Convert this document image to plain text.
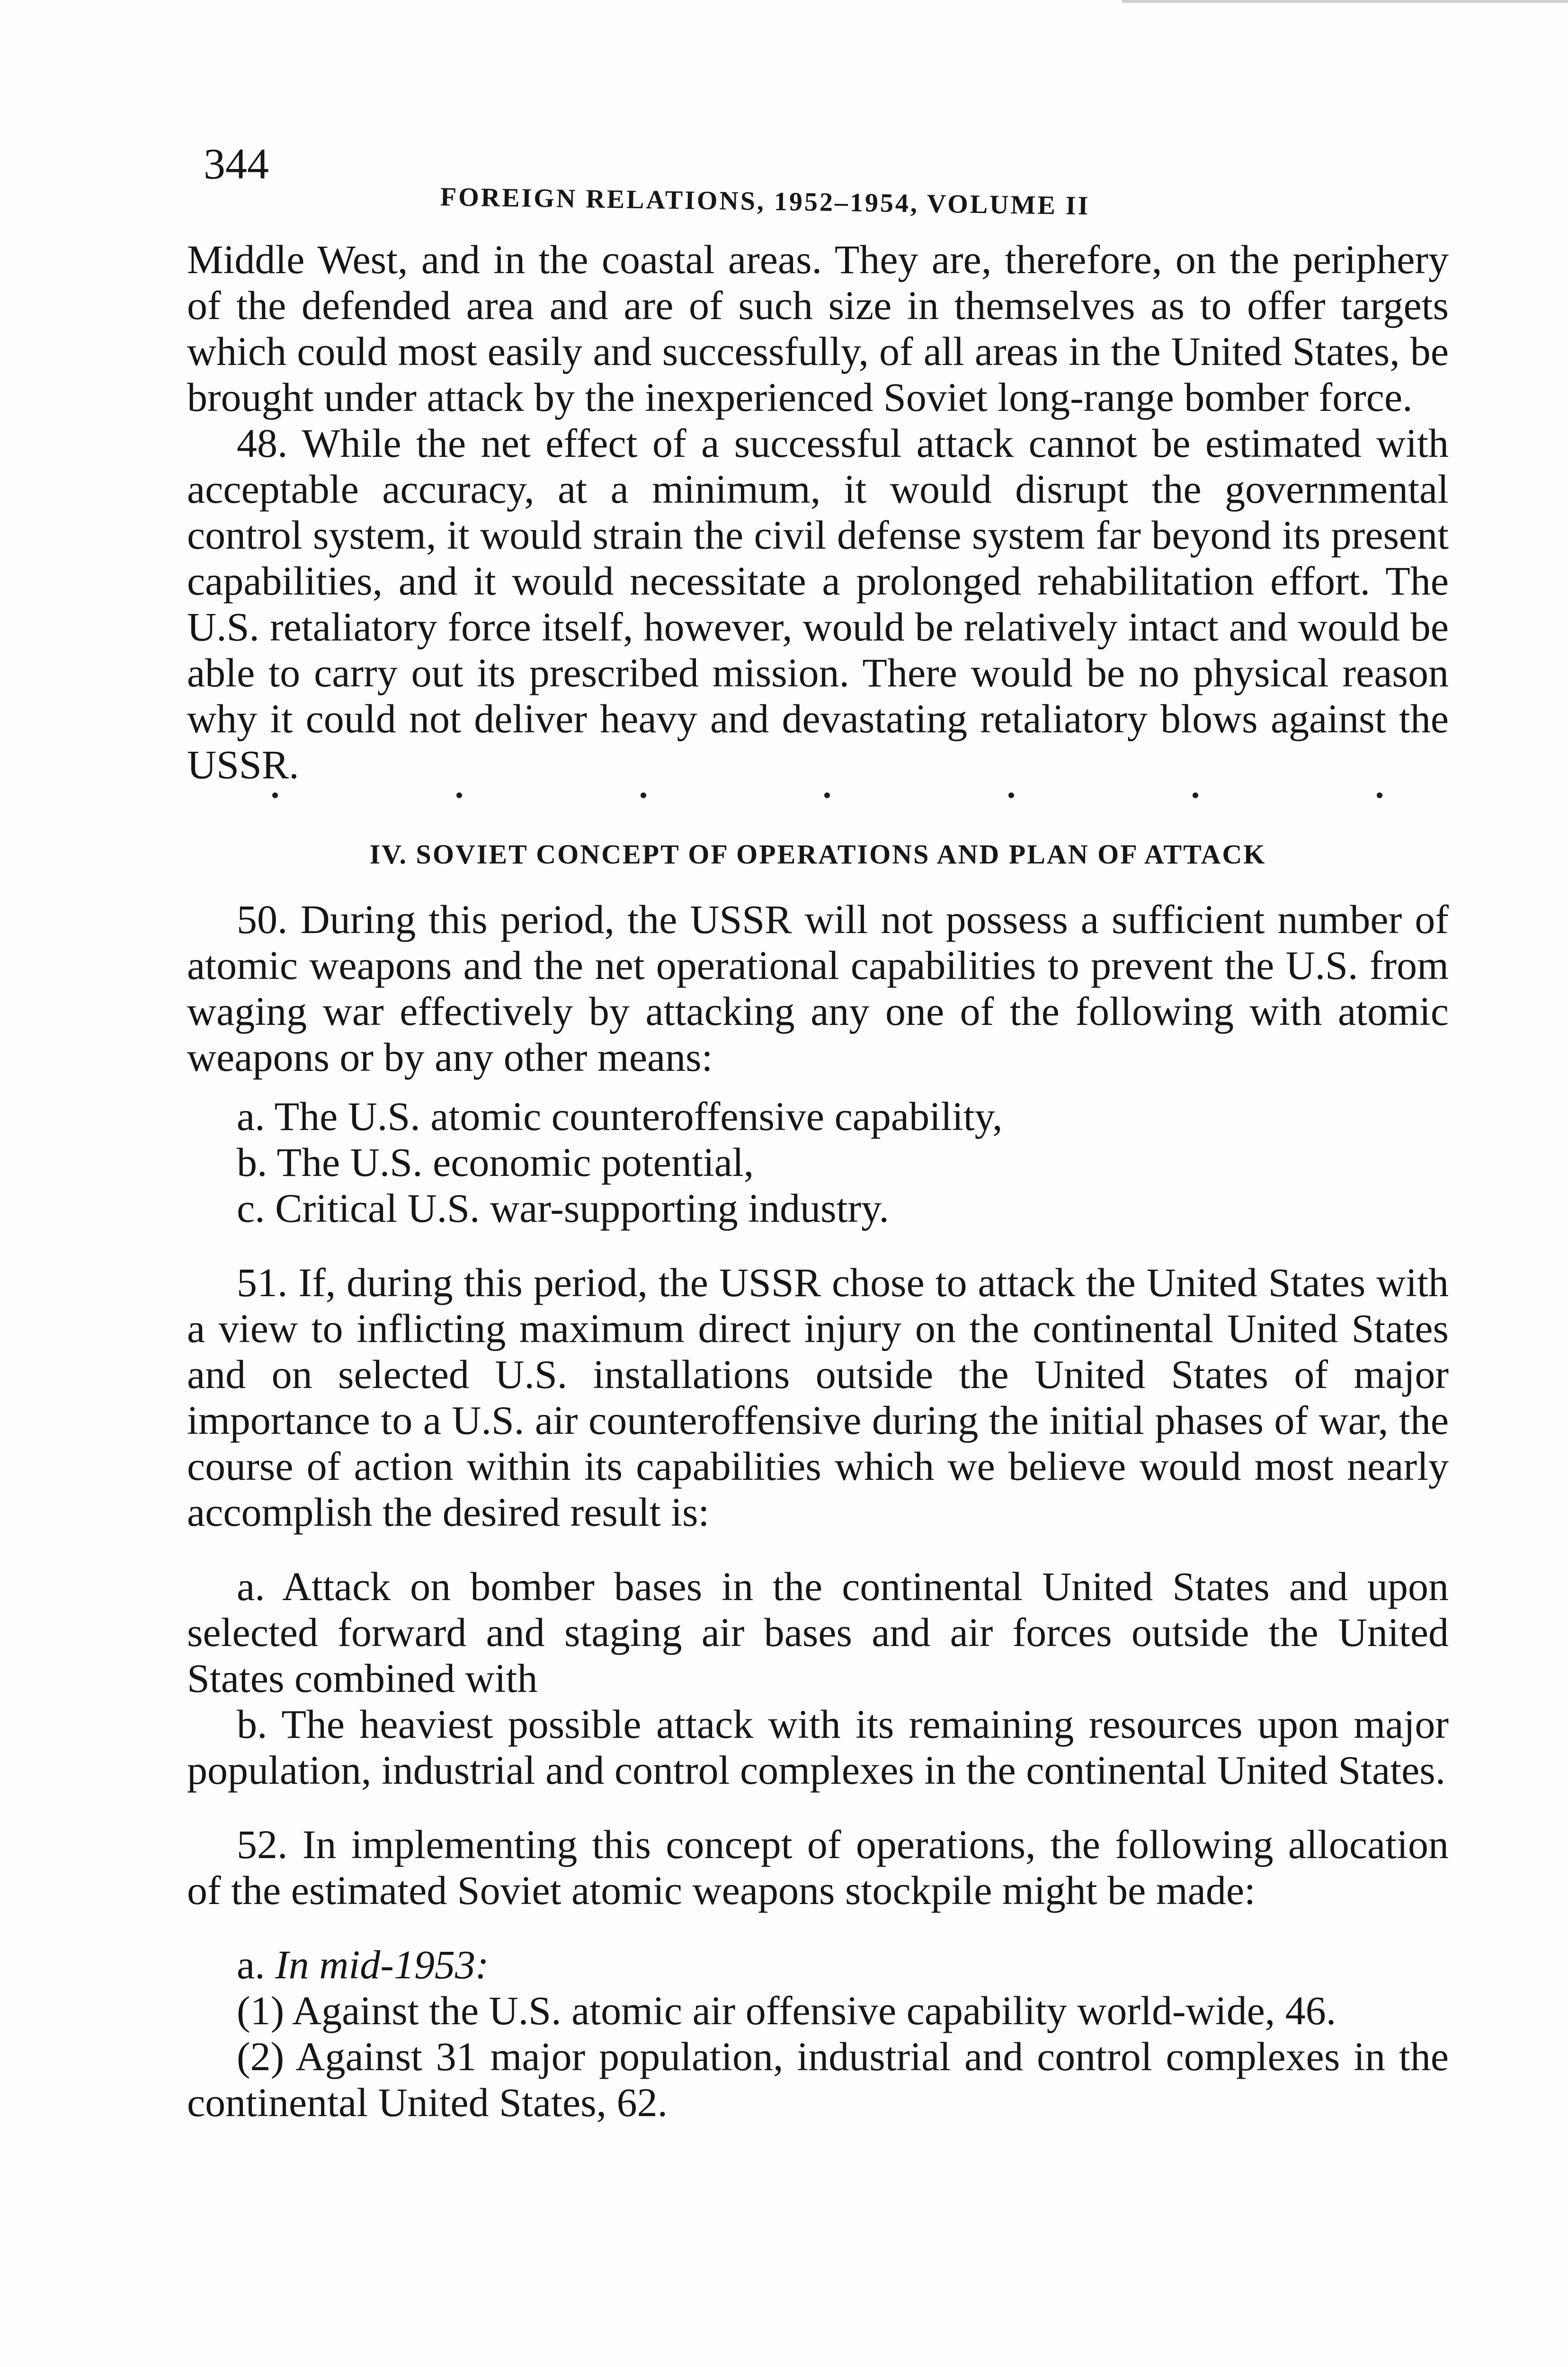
344
FOREIGN RELATIONS, 1952–1954, VOLUME II

Middle West, and in the coastal areas. They are, therefore, on the periphery of the defended area and are of such size in themselves as to offer targets which could most easily and successfully, of all areas in the United States, be brought under attack by the inexperienced Soviet long-range bomber force.

48. While the net effect of a successful attack cannot be estimated with acceptable accuracy, at a minimum, it would disrupt the governmental control system, it would strain the civil defense system far beyond its present capabilities, and it would necessitate a prolonged rehabilitation effort. The U.S. retaliatory force itself, however, would be relatively intact and would be able to carry out its prescribed mission. There would be no physical reason why it could not deliver heavy and devastating retaliatory blows against the USSR.

IV. SOVIET CONCEPT OF OPERATIONS AND PLAN OF ATTACK

50. During this period, the USSR will not possess a sufficient number of atomic weapons and the net operational capabilities to prevent the U.S. from waging war effectively by attacking any one of the following with atomic weapons or by any other means:

a. The U.S. atomic counteroffensive capability,

b. The U.S. economic potential,

c. Critical U.S. war-supporting industry.

51. If, during this period, the USSR chose to attack the United States with a view to inflicting maximum direct injury on the continental United States and on selected U.S. installations outside the United States of major importance to a U.S. air counteroffensive during the initial phases of war, the course of action within its capabilities which we believe would most nearly accomplish the desired result is:

a. Attack on bomber bases in the continental United States and upon selected forward and staging air bases and air forces outside the United States combined with

b. The heaviest possible attack with its remaining resources upon major population, industrial and control complexes in the continental United States.

52. In implementing this concept of operations, the following allocation of the estimated Soviet atomic weapons stockpile might be made:

a. In mid-1953:

(1) Against the U.S. atomic air offensive capability world-wide, 46.

(2) Against 31 major population, industrial and control complexes in the continental United States, 62.
